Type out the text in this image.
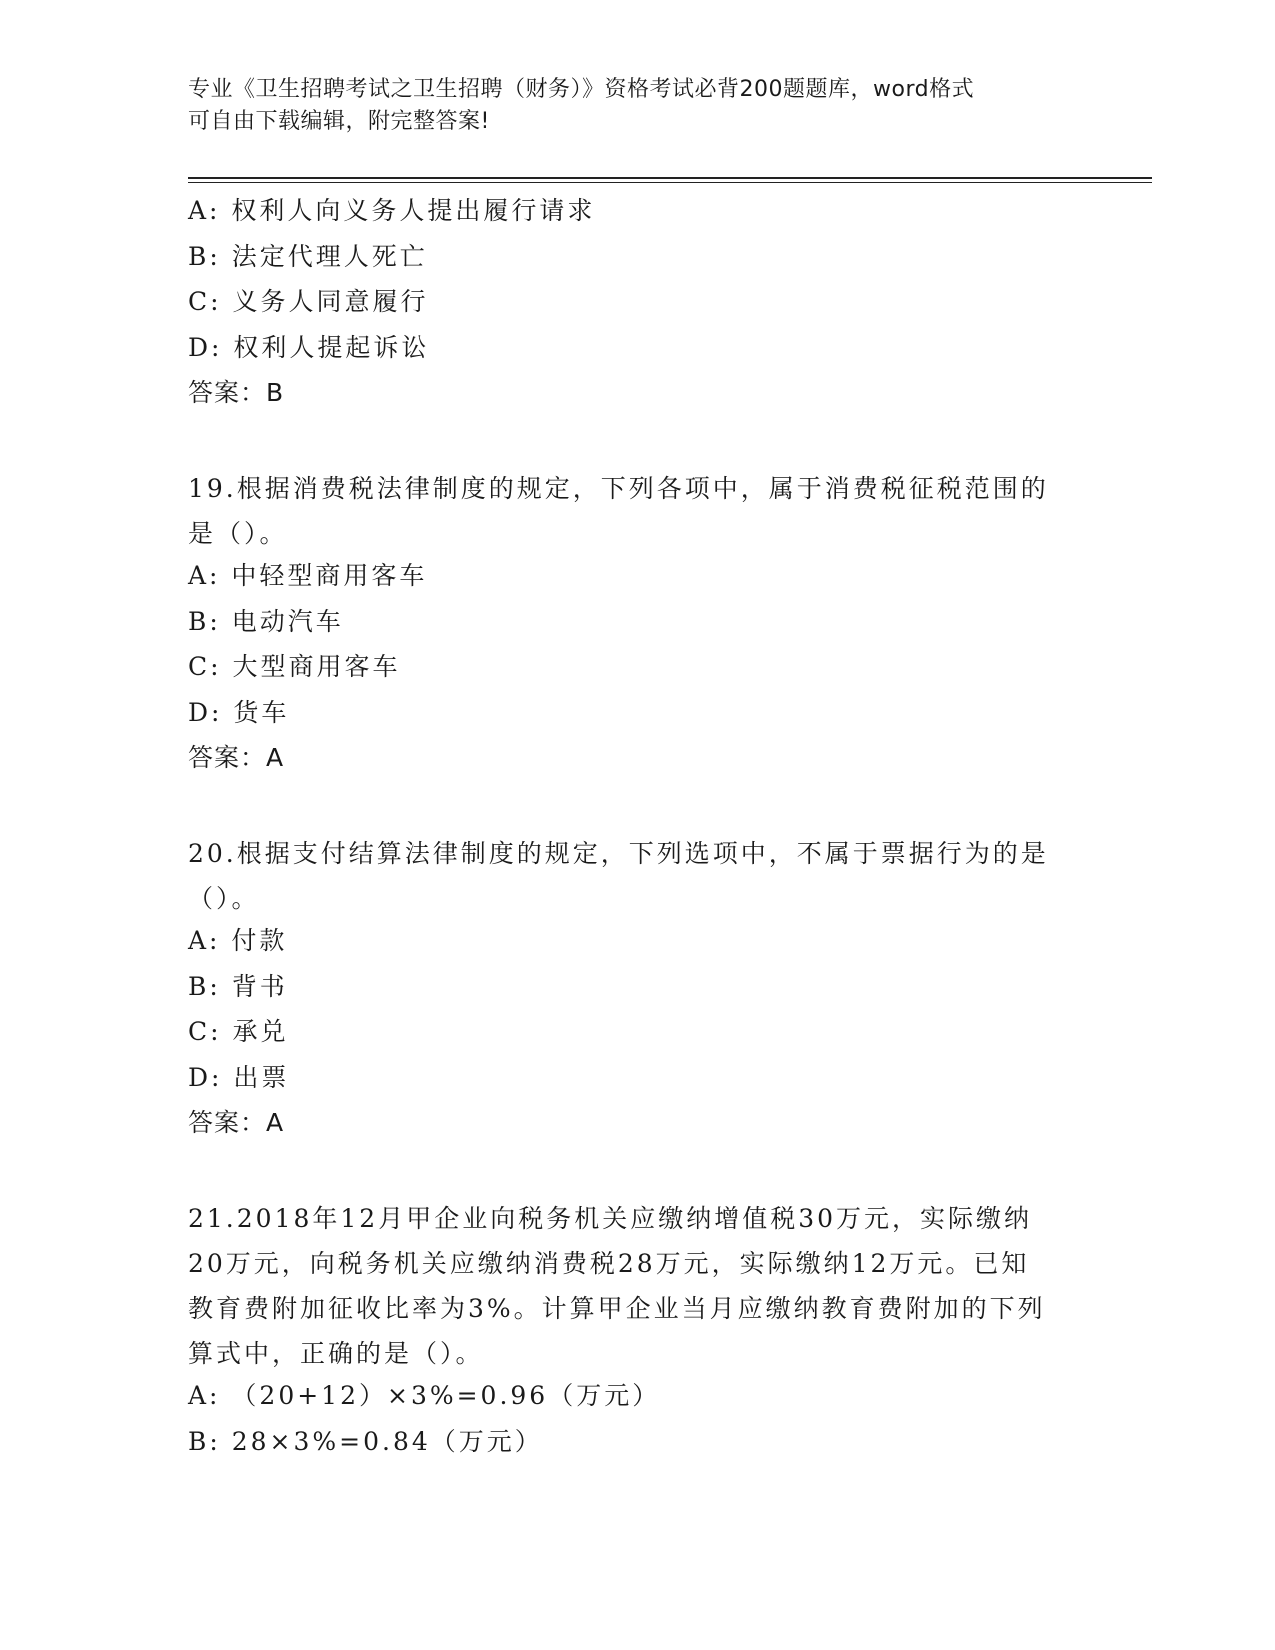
专业《卫生招聘考试之卫生招聘（财务）》资格考试必背200题题库，word格式
可自由下载编辑，附完整答案!
A: 权利人向义务人提出履行请求
B: 法定代理人死亡
C: 义务人同意履行
D: 权利人提起诉讼
答案：B
19.根据消费税法律制度的规定，下列各项中，属于消费税征税范围的
是（）。
A: 中轻型商用客车
B: 电动汽车
C: 大型商用客车
D: 货车
答案：A
20.根据支付结算法律制度的规定，下列选项中，不属于票据行为的是
（）。
A: 付款
B: 背书
C: 承兑
D: 出票
答案：A
21.2018年12月甲企业向税务机关应缴纳增值税30万元，实际缴纳
20万元，向税务机关应缴纳消费税28万元，实际缴纳12万元。已知
教育费附加征收比率为3%。计算甲企业当月应缴纳教育费附加的下列
算式中，正确的是（）。
A: （20+12）×3%=0.96（万元）
B: 28×3%=0.84（万元）
